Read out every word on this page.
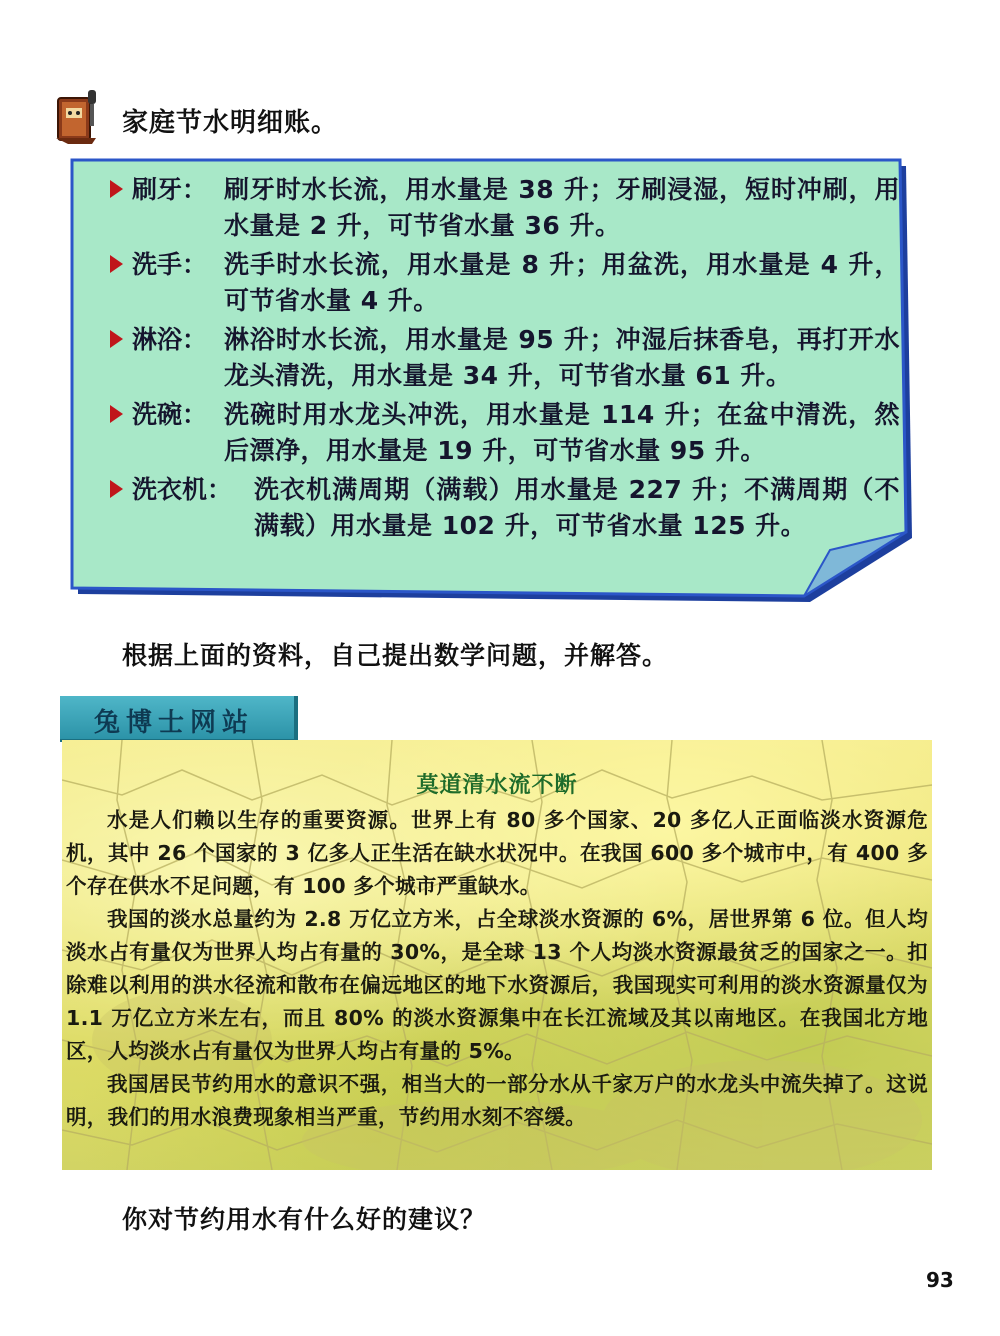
家庭节水明细账。
刷牙： 刷牙时水长流，用水量是 38 升；牙刷浸湿，短时冲刷，用水量是 2 升，可节省水量 36 升。
洗手： 洗手时水长流，用水量是 8 升；用盆洗，用水量是 4 升，可节省水量 4 升。
淋浴： 淋浴时水长流，用水量是 95 升；冲湿后抹香皂，再打开水龙头清洗，用水量是 34 升，可节省水量 61 升。
洗碗： 洗碗时用水龙头冲洗，用水量是 114 升；在盆中清洗，然后漂净，用水量是 19 升，可节省水量 95 升。
洗衣机： 洗衣机满周期（满载）用水量是 227 升；不满周期（不满载）用水量是 102 升，可节省水量 125 升。
根据上面的资料，自己提出数学问题，并解答。
兔博士网站
莫道清水流不断

水是人们赖以生存的重要资源。世界上有 80 多个国家、20 多亿人正面临淡水资源危机，其中 26 个国家的 3 亿多人正生活在缺水状况中。在我国 600 多个城市中，有 400 多个存在供水不足问题，有 100 多个城市严重缺水。

我国的淡水总量约为 2.8 万亿立方米，占全球淡水资源的 6%，居世界第 6 位。但人均淡水占有量仅为世界人均占有量的 30%，是全球 13 个人均淡水资源最贫乏的国家之一。扣除难以利用的洪水径流和散布在偏远地区的地下水资源后，我国现实可利用的淡水资源量仅为 1.1 万亿立方米左右，而且 80% 的淡水资源集中在长江流域及其以南地区。在我国北方地区，人均淡水占有量仅为世界人均占有量的 5%。

我国居民节约用水的意识不强，相当大的一部分水从千家万户的水龙头中流失掉了。这说明，我们的用水浪费现象相当严重，节约用水刻不容缓。

你对节约用水有什么好的建议？
93
